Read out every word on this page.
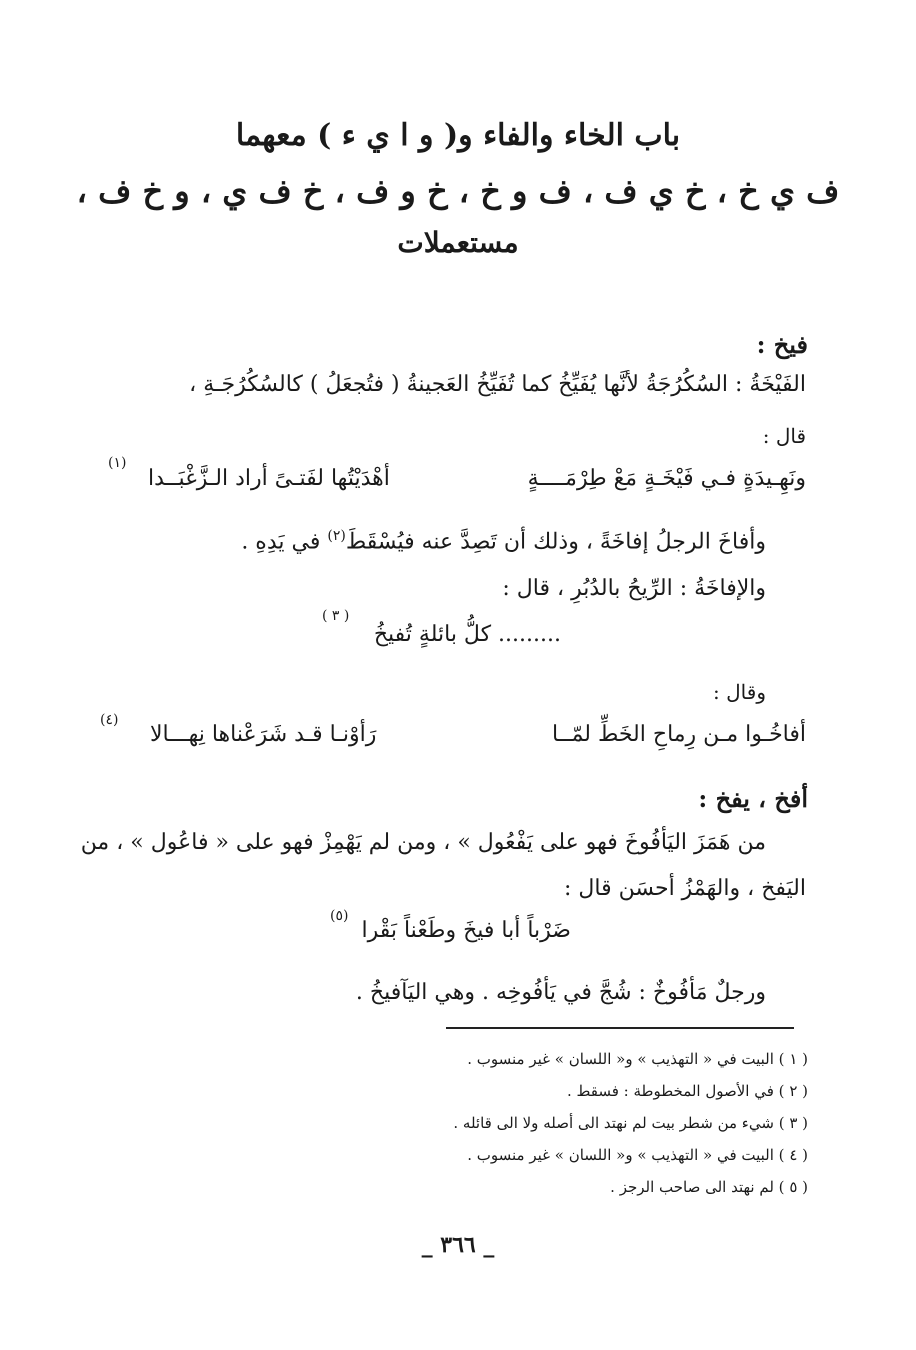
باب الخاء والفاء و( و ا ي ء ) معهما
ف ي خ ، خ ي ف ، ف و خ ، خ و ف ، خ ف ي ، و خ ف ،
مستعملات
فيخ :
الفَيْخَةُ : السُكُرُجَةُ لأنَّها يُفَيِّخُ كما تُفَيِّخُ العَجينةُ ( فتُجعَلُ ) كالسُكُرُجَـةِ ،
قال :
ونَهِـيدَةٍ فـي فَيْخَـةٍ مَعْ طِرْمَــــةٍ
أهْدَيْتُها لفَتـىً أراد الـزَّغْبَــدا
(١)
وأفاخَ الرجلُ إفاخَةً ، وذلك أن تَصِدَّ عنه فيُسْقَطَ$^{(٢)}$ في يَدِهِ .
والإفاخَةُ : الرِّيحُ بالدُبُرِ ، قال :
......... كلُّ بائلةٍ تُفيخُ
( ٣ )
وقال :
أفاخُـوا مـن رِماحِ الخَطِّ لمّــا
رَأوْنـا قـد شَرَعْناها نِهـــالا
(٤)
أفخ ، يفخ :
من هَمَزَ اليَأفُوخَ فهو على يَفْعُول » ، ومن لم يَهْمِزْ فهو على « فاعُول » ، من
اليَفخ ، والهَمْزُ أحسَن قال :
ضَرْباً أبا فيخَ وطَعْناً بَقْرا
(٥)
ورجلٌ مَأفُوخٌ : شُجَّ في يَأفُوخِه . وهي اليَآفيخُ .
( ١ ) البيت في « التهذيب » و« اللسان » غير منسوب .
( ٢ ) في الأصول المخطوطة : فسقط .
( ٣ ) شيء من شطر بيت لم نهتد الى أصله ولا الى قائله .
( ٤ ) البيت في « التهذيب » و« اللسان » غير منسوب .
( ٥ ) لم نهتد الى صاحب الرجز .
_ ٣٦٦ _
